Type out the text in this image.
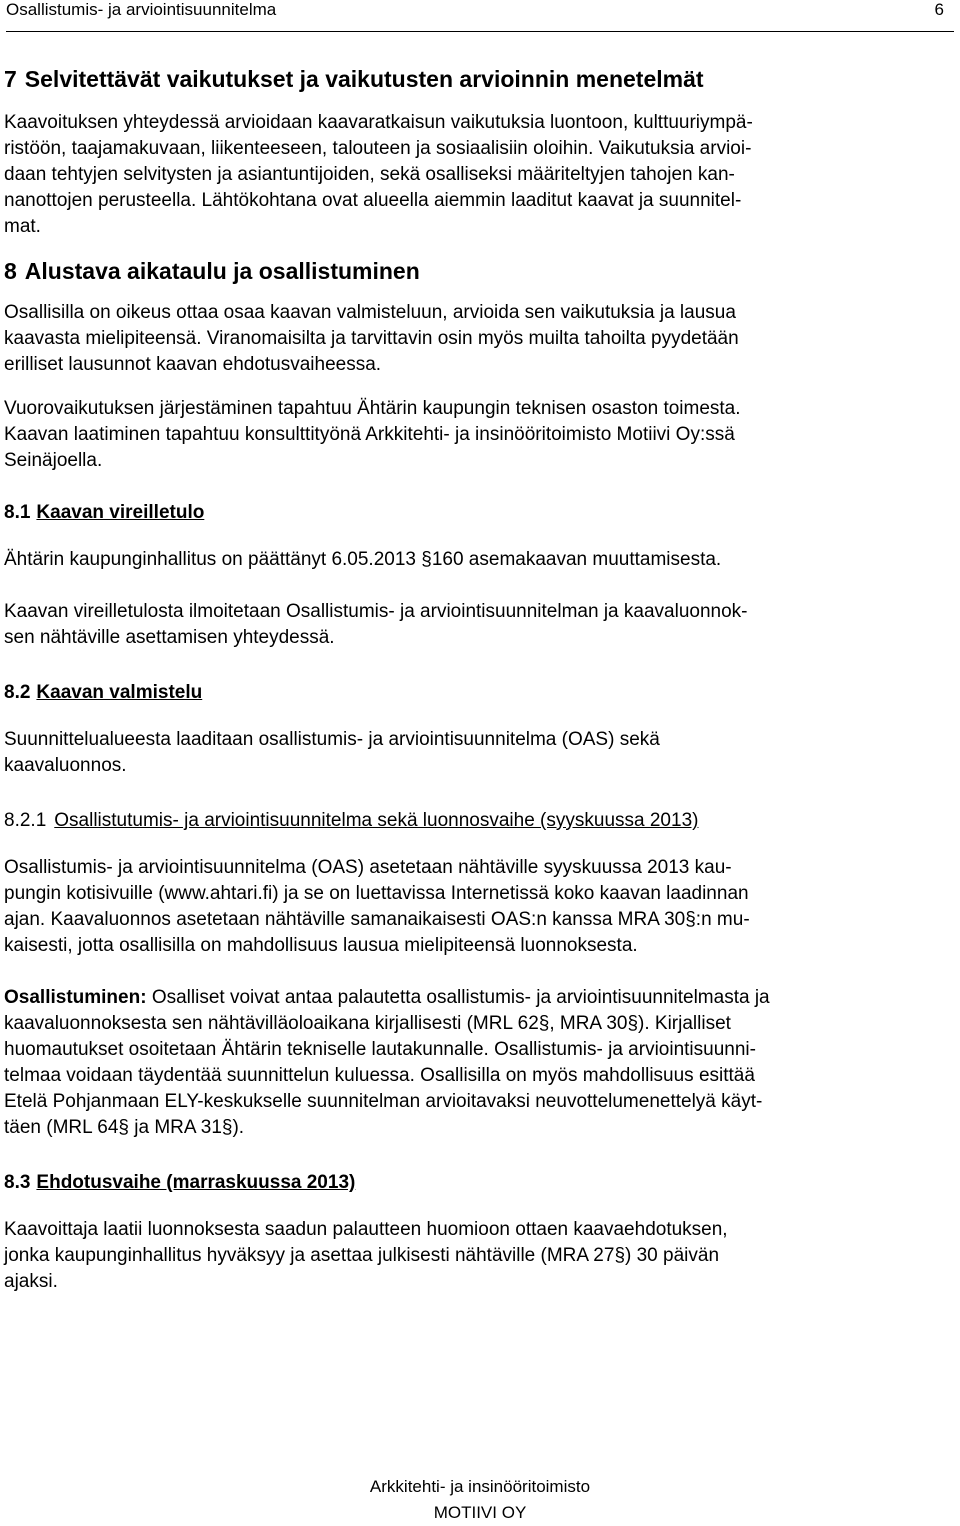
Osallistumis- ja arviointisuunnitelma	6
7 Selvitettävät vaikutukset ja vaikutusten arvioinnin menetelmät
Kaavoituksen yhteydessä arvioidaan kaavaratkaisun vaikutuksia luontoon, kulttuuriympä-
ristöön, taajamakuvaan, liikenteeseen, talouteen ja sosiaalisiin oloihin. Vaikutuksia arvioi-
daan tehtyjen selvitysten ja asiantuntijoiden, sekä osalliseksi määriteltyjen tahojen kan-
nanottojen perusteella. Lähtökohtana ovat alueella aiemmin laaditut kaavat ja suunnitel-
mat.
8 Alustava aikataulu ja osallistuminen
Osallisilla on oikeus ottaa osaa kaavan valmisteluun, arvioida sen vaikutuksia ja lausua
kaavasta mielipiteensä. Viranomaisilta ja tarvittavin osin myös muilta tahoilta pyydetään
erilliset lausunnot kaavan ehdotusvaiheessa.
Vuorovaikutuksen järjestäminen tapahtuu Ähtärin kaupungin teknisen osaston toimesta.
Kaavan laatiminen tapahtuu konsulttityönä Arkkitehti- ja insinööritoimisto Motiivi Oy:ssä
Seinäjoella.
8.1 Kaavan vireilletulo
Ähtärin kaupunginhallitus on päättänyt 6.05.2013 §160 asemakaavan muuttamisesta.
Kaavan vireilletulosta ilmoitetaan Osallistumis- ja arviointisuunnitelman ja kaavaluonnok-
sen nähtäville asettamisen yhteydessä.
8.2 Kaavan valmistelu
Suunnittelualueesta laaditaan osallistumis- ja arviointisuunnitelma (OAS) sekä
kaavaluonnos.
8.2.1 Osallistutumis- ja arviointisuunnitelma sekä luonnosvaihe (syyskuussa 2013)
Osallistumis- ja arviointisuunnitelma (OAS) asetetaan nähtäville syyskuussa 2013 kau-
pungin kotisivuille (www.ahtari.fi) ja se on luettavissa Internetissä koko kaavan laadinnan
ajan. Kaavaluonnos asetetaan nähtäville samanaikaisesti OAS:n kanssa MRA 30§:n mu-
kaisesti, jotta osallisilla on mahdollisuus lausua mielipiteensä luonnoksesta.
Osallistuminen: Osalliset voivat antaa palautetta osallistumis- ja arviointisuunnitelmasta ja
kaavaluonnoksesta sen nähtävilläoloaikana kirjallisesti (MRL 62§, MRA 30§). Kirjalliset
huomautukset osoitetaan Ähtärin tekniselle lautakunnalle. Osallistumis- ja arviointisuunni-
telmaa voidaan täydentää suunnittelun kuluessa. Osallisilla on myös mahdollisuus esittää
Etelä Pohjanmaan ELY-keskukselle suunnitelman arvioitavaksi neuvottelumenettelyä käyt-
täen (MRL 64§ ja MRA 31§).
8.3 Ehdotusvaihe (marraskuussa 2013)
Kaavoittaja laatii luonnoksesta saadun palautteen huomioon ottaen kaavaehdotuksen,
jonka kaupunginhallitus hyväksyy ja asettaa julkisesti nähtäville (MRA 27§) 30 päivän
ajaksi.
Arkkitehti- ja insinööritoimisto
MOTIIVI OY
